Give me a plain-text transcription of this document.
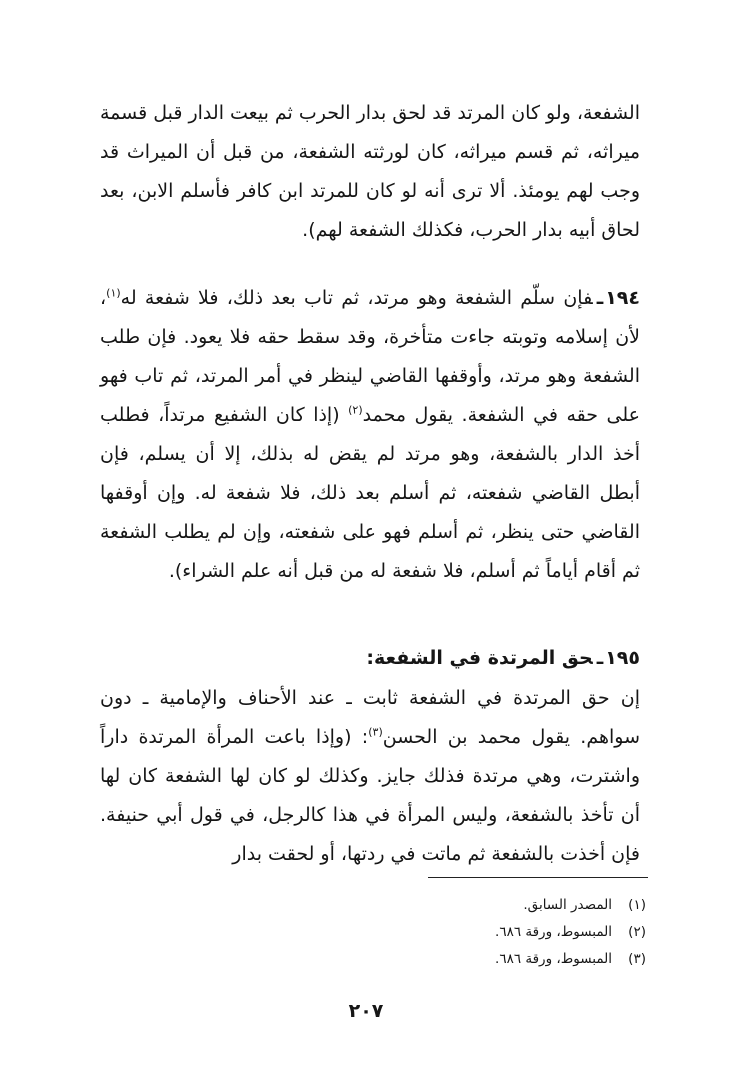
الشفعة، ولو كان المرتد قد لحق بدار الحرب ثم بيعت الدار قبل قسمة ميراثه، ثم قسم ميراثه، كان لورثته الشفعة، من قبل أن الميراث قد وجب لهم يومئذ. ألا ترى أنه لو كان للمرتد ابن كافر فأسلم الابن، بعد لحاق أبيه بدار الحرب، فكذلك الشفعة لهم).

١٩٤ـفإن سلّم الشفعة وهو مرتد، ثم تاب بعد ذلك، فلا شفعة له$^{(١)}$، لأن إسلامه وتوبته جاءت متأخرة، وقد سقط حقه فلا يعود. فإن طلب الشفعة وهو مرتد، وأوقفها القاضي لينظر في أمر المرتد، ثم تاب فهو على حقه في الشفعة. يقول محمد$^{(٢)}$ (إذا كان الشفيع مرتداً، فطلب أخذ الدار بالشفعة، وهو مرتد لم يقض له بذلك، إلا أن يسلم، فإن أبطل القاضي شفعته، ثم أسلم بعد ذلك، فلا شفعة له. وإن أوقفها القاضي حتى ينظر، ثم أسلم فهو على شفعته، وإن لم يطلب الشفعة ثم أقام أياماً ثم أسلم، فلا شفعة له من قبل أنه علم الشراء).

١٩٥ـحق المرتدة في الشفعة:

إن حق المرتدة في الشفعة ثابت ـ عند الأحناف والإمامية ـ دون سواهم. يقول محمد بن الحسن$^{(٣)}$: (وإذا باعت المرأة المرتدة داراً واشترت، وهي مرتدة فذلك جايز. وكذلك لو كان لها الشفعة كان لها أن تأخذ بالشفعة، وليس المرأة في هذا كالرجل، في قول أبي حنيفة. فإن أخذت بالشفعة ثم ماتت في ردتها، أو لحقت بدار

(١)المصدر السابق.
(٢)المبسوط، ورقة ٦٨٦.
(٣)المبسوط، ورقة ٦٨٦.
٢٠٧
